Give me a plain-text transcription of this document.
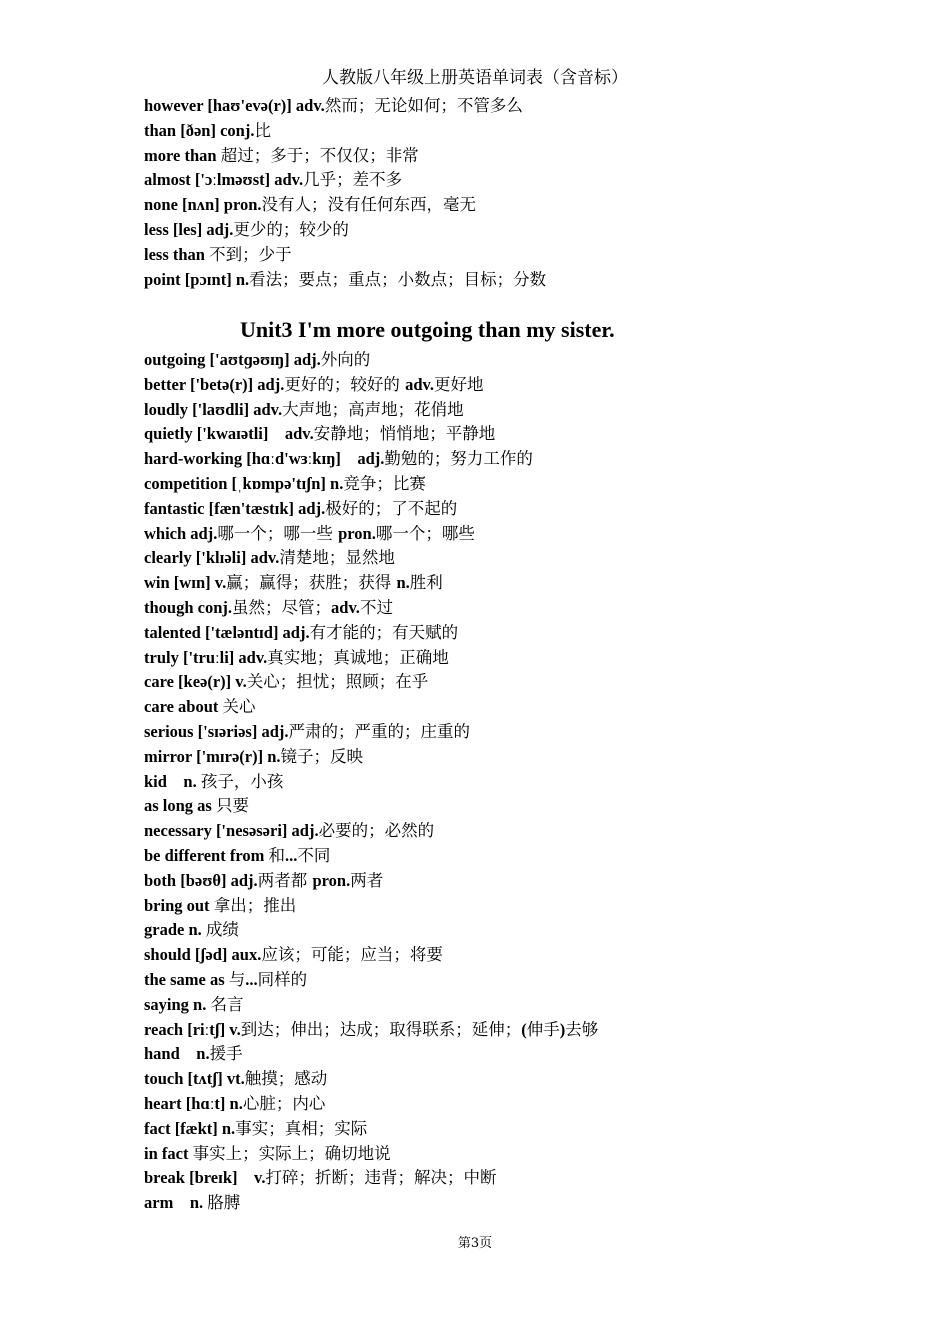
人教版八年级上册英语单词表（含音标）
however [haʊ'evə(r)] adv.然而；无论如何；不管多么
than [ðən] conj.比
more than 超过；多于；不仅仅；非常
almost ['ɔːlməʊst] adv.几乎；差不多
none [nʌn] pron.没有人；没有任何东西，毫无
less [les] adj.更少的；较少的
less than 不到；少于
point [pɔɪnt] n.看法；要点；重点；小数点；目标；分数
Unit3 I'm more outgoing than my sister.
outgoing ['aʊtɡəʊɪŋ] adj.外向的
better ['betə(r)] adj.更好的；较好的 adv.更好地
loudly ['laʊdli] adv.大声地；高声地；花俏地
quietly ['kwaɪətli]    adv.安静地；悄悄地；平静地
hard-working [hɑːd'wɜːkɪŋ]    adj.勤勉的；努力工作的
competition [ˌkɒmpə'tɪʃn] n.竞争；比赛
fantastic [fæn'tæstɪk] adj.极好的；了不起的
which adj.哪一个；哪一些 pron.哪一个；哪些
clearly ['klɪəli] adv.清楚地；显然地
win [wɪn] v.赢；赢得；获胜；获得 n.胜利
though conj.虽然；尽管；adv.不过
talented ['tæləntɪd] adj.有才能的；有天赋的
truly ['truːli] adv.真实地；真诚地；正确地
care [keə(r)] v.关心；担忧；照顾；在乎
care about 关心
serious ['sɪəriəs] adj.严肃的；严重的；庄重的
mirror ['mɪrə(r)] n.镜子；反映
kid    n. 孩子，小孩
as long as 只要
necessary ['nesəsəri] adj.必要的；必然的
be different from 和...不同
both [bəʊθ] adj.两者都 pron.两者
bring out 拿出；推出
grade n. 成绩
should [ʃəd] aux.应该；可能；应当；将要
the same as 与...同样的
saying n. 名言
reach [riːtʃ] v.到达；伸出；达成；取得联系；延伸；(伸手)去够
hand    n.援手
touch [tʌtʃ] vt.触摸；感动
heart [hɑːt] n.心脏；内心
fact [fækt] n.事实；真相；实际
in fact 事实上；实际上；确切地说
break [breɪk]    v.打碎；折断；违背；解决；中断
arm    n. 胳膊
第3页
